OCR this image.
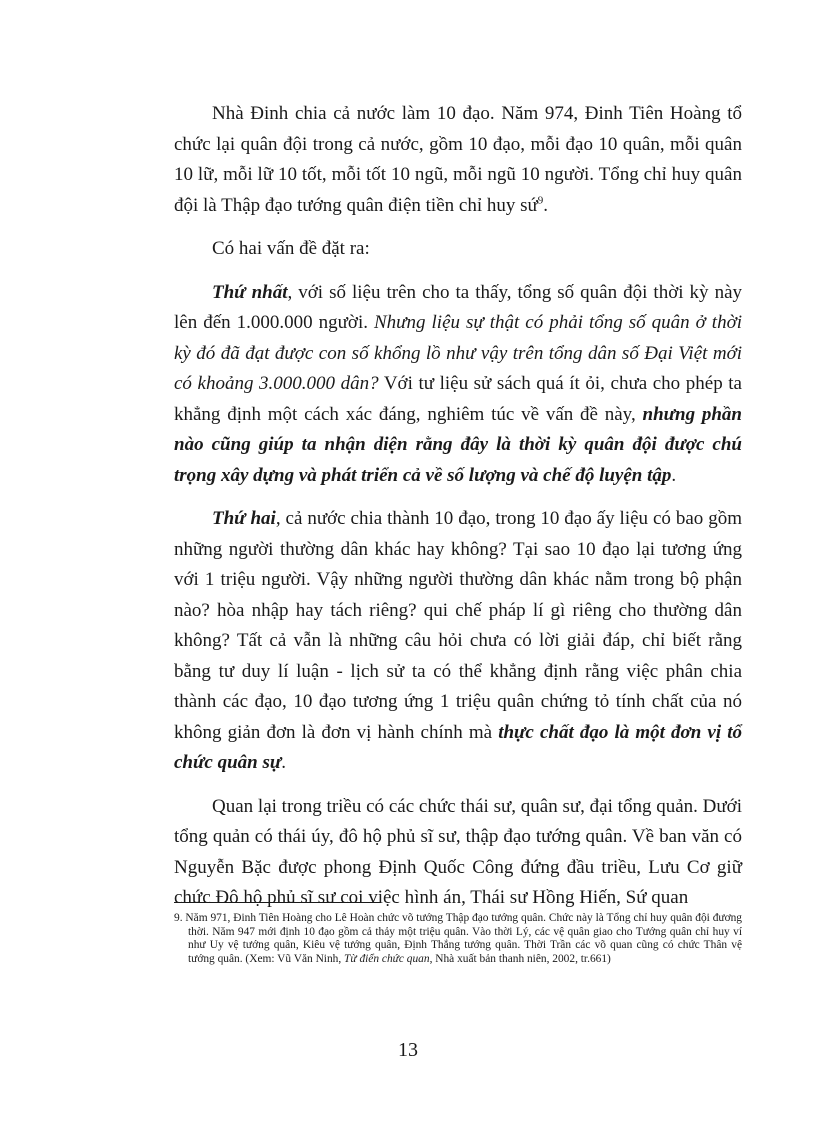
Nhà Đinh chia cả nước làm 10 đạo. Năm 974, Đinh Tiên Hoàng tổ chức lại quân đội trong cả nước, gồm 10 đạo, mỗi đạo 10 quân, mỗi quân 10 lữ, mỗi lữ 10 tốt, mỗi tốt 10 ngũ, mỗi ngũ 10 người. Tổng chỉ huy quân đội là Thập đạo tướng quân điện tiền chỉ huy sứ$^9$.

Có hai vấn đề đặt ra:

Thứ nhất, với số liệu trên cho ta thấy, tổng số quân đội thời kỳ này lên đến 1.000.000 người. Nhưng liệu sự thật có phải tổng số quân ở thời kỳ đó đã đạt được con số khổng lồ như vậy trên tổng dân số Đại Việt mới có khoảng 3.000.000 dân? Với tư liệu sử sách quá ít ỏi, chưa cho phép ta khẳng định một cách xác đáng, nghiêm túc về vấn đề này, nhưng phần nào cũng giúp ta nhận diện rằng đây là thời kỳ quân đội được chú trọng xây dựng và phát triển cả về số lượng và chế độ luyện tập.

Thứ hai, cả nước chia thành 10 đạo, trong 10 đạo ấy liệu có bao gồm những người thường dân khác hay không? Tại sao 10 đạo lại tương ứng với 1 triệu người. Vậy những người thường dân khác nằm trong bộ phận nào? hòa nhập hay tách riêng? qui chế pháp lí gì riêng cho thường dân không? Tất cả vẫn là những câu hỏi chưa có lời giải đáp, chỉ biết rằng bằng tư duy lí luận - lịch sử ta có thể khẳng định rằng việc phân chia thành các đạo, 10 đạo tương ứng 1 triệu quân chứng tỏ tính chất của nó không giản đơn là đơn vị hành chính mà thực chất đạo là một đơn vị tổ chức quân sự.

Quan lại trong triều có các chức thái sư, quân sư, đại tổng quản. Dưới tổng quản có thái úy, đô hộ phủ sĩ sư, thập đạo tướng quân. Về ban văn có Nguyễn Bặc được phong Định Quốc Công đứng đầu triều, Lưu Cơ giữ chức Đô hộ phủ sĩ sư coi việc hình án, Thái sư Hồng Hiến, Sứ quan

9. Năm 971, Đinh Tiên Hoàng cho Lê Hoàn chức võ tướng Thập đạo tướng quân. Chức này là Tổng chỉ huy quân đội đương thời. Năm 947 mới định 10 đạo gồm cả thảy một triệu quân. Vào thời Lý, các vệ quân giao cho Tướng quân chỉ huy ví như Uy vệ tướng quân, Kiêu vệ tướng quân, Định Thắng tướng quân. Thời Trần các võ quan cũng có chức Thân vệ tướng quân. (Xem: Vũ Văn Ninh, Từ điển chức quan, Nhà xuất bản thanh niên, 2002, tr.661)
13
